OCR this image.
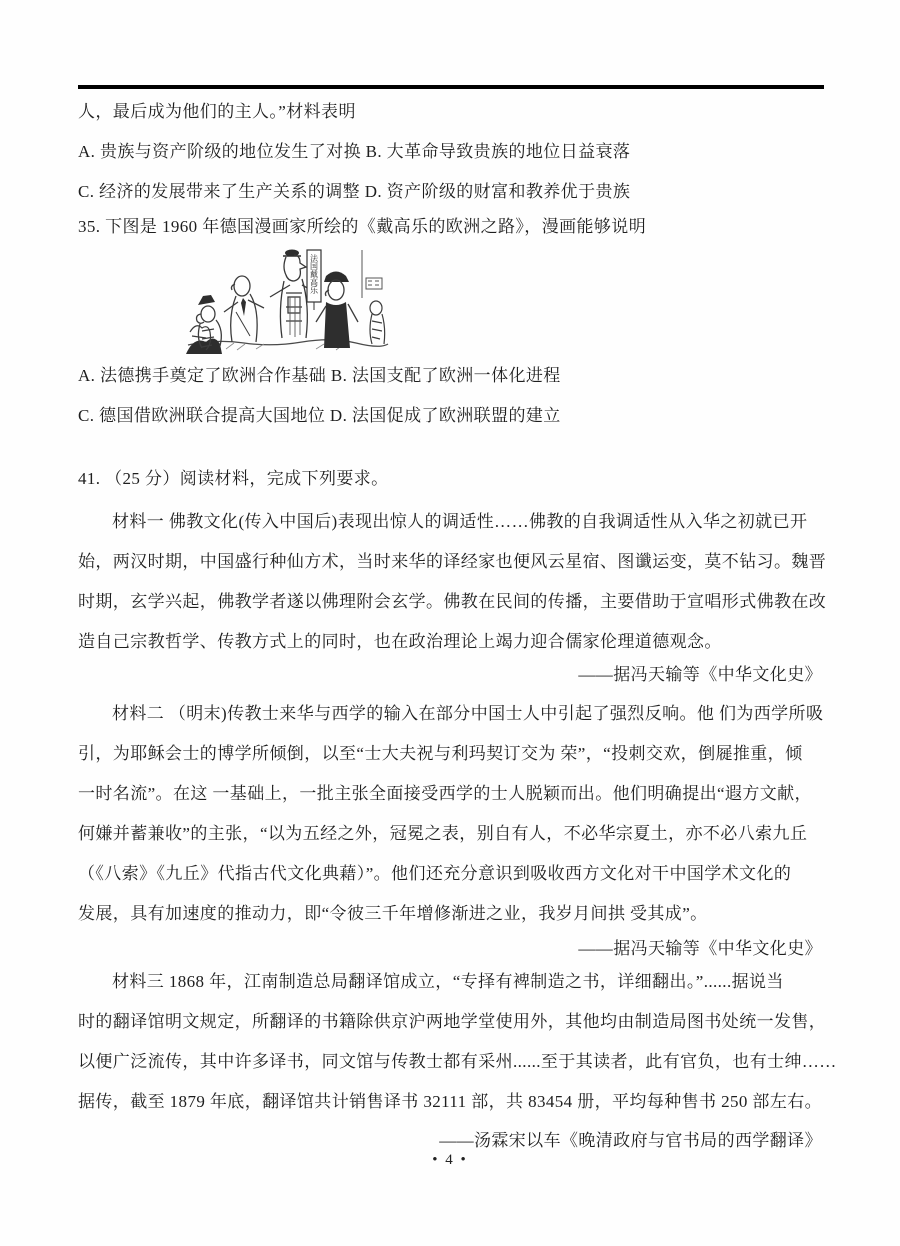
人，最后成为他们的主人。”材料表明
A. 贵族与资产阶级的地位发生了对换 B. 大革命导致贵族的地位日益衰落
C. 经济的发展带来了生产关系的调整 D. 资产阶级的财富和教养优于贵族
35. 下图是 1960 年德国漫画家所绘的《戴高乐的欧洲之路》，漫画能够说明
法国戴高乐
A. 法德携手奠定了欧洲合作基础 B. 法国支配了欧洲一体化进程
C. 德国借欧洲联合提高大国地位 D. 法国促成了欧洲联盟的建立
41. （25 分）阅读材料，完成下列要求。
材料一 佛教文化(传入中国后)表现出惊人的调适性……佛教的自我调适性从入华之初就已开
始，两汉时期，中国盛行种仙方术，当时来华的译经家也便风云星宿、图谶运变，莫不钻习。魏晋
时期，玄学兴起，佛教学者遂以佛理附会玄学。佛教在民间的传播，主要借助于宣唱形式佛教在改
造自己宗教哲学、传教方式上的同时，也在政治理论上竭力迎合儒家伦理道德观念。
——据冯天输等《中华文化史》
材料二 （明末)传教士来华与西学的输入在部分中国士人中引起了强烈反响。他 们为西学所吸
引，为耶稣会士的博学所倾倒，以至“士大夫祝与利玛契订交为 荣”，“投刺交欢，倒屣推重，倾
一时名流”。在这 一基础上，一批主张全面接受西学的士人脱颖而出。他们明确提出“遐方文献，
何嫌并蓄兼收”的主张，“以为五经之外，冠冕之表，别自有人，不必华宗夏土，亦不必八索九丘
（《八索》《九丘》代指古代文化典藉）”。他们还充分意识到吸收西方文化对干中国学术文化的
发展，具有加速度的推动力，即“令彼三千年增修渐进之业，我岁月间拱 受其成”。
——据冯天输等《中华文化史》
材料三 1868 年，江南制造总局翻译馆成立，“专择有裨制造之书，详细翻出。”......据说当
时的翻译馆明文规定，所翻译的书籍除供京沪两地学堂使用外，其他均由制造局图书处统一发售，
以便广泛流传，其中许多译书，同文馆与传教士都有采州......至于其读者，此有官负，也有士绅……
据传，截至 1879 年底，翻译馆共计销售译书 32111 部，共 83454 册，平均每种售书 250 部左右。
——汤霖宋以车《晚清政府与官书局的西学翻译》
• 4 •
